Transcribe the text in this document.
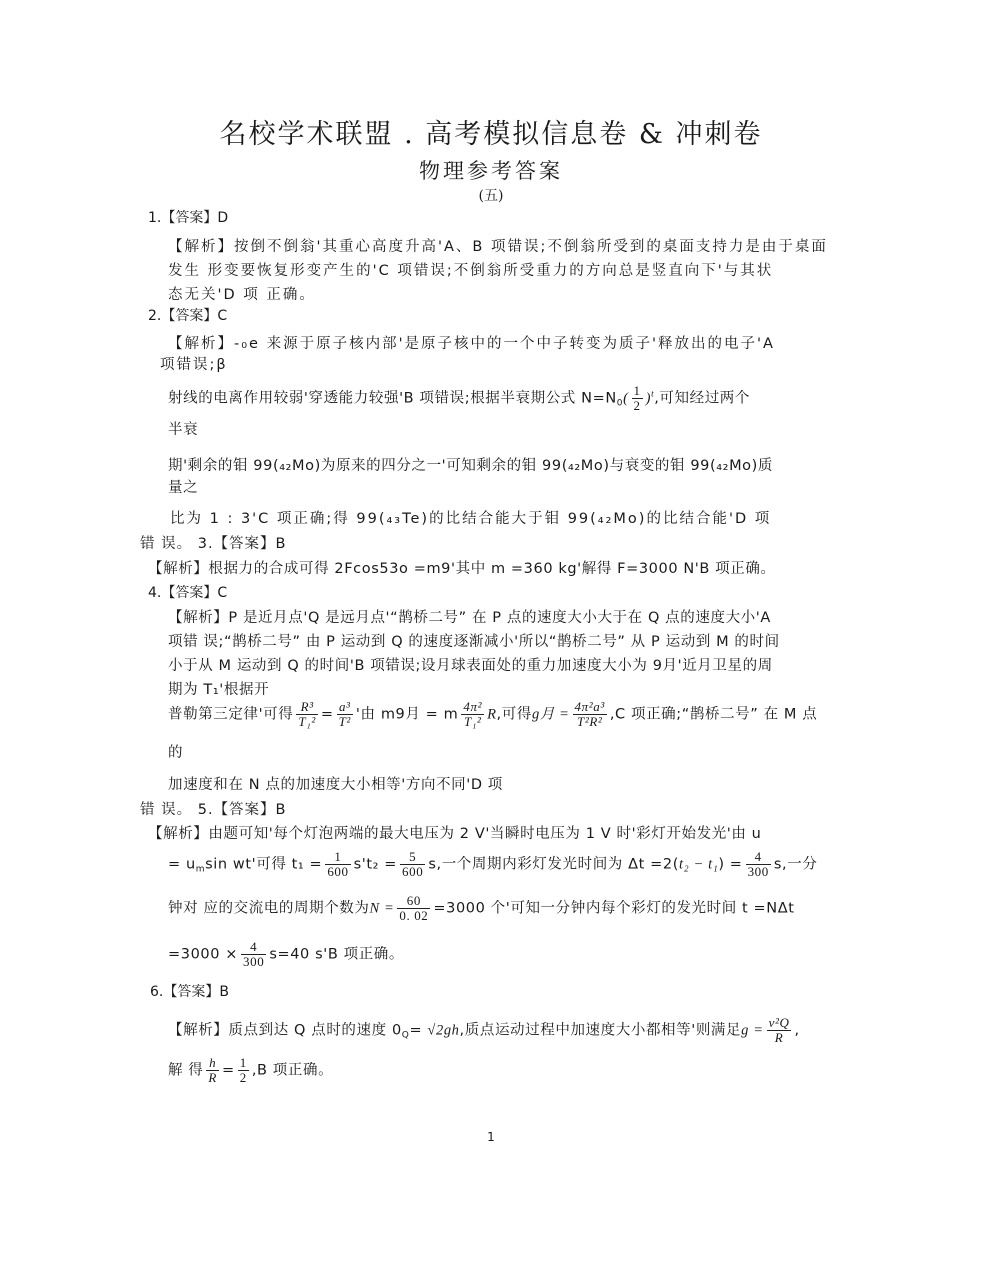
名校学术联盟 . 高考模拟信息卷 & 冲刺卷
物理参考答案
(五)
1.【答案】D
【解析】按倒不倒翁'其重心高度升高'A、B 项错误;不倒翁所受到的桌面支持力是由于桌面
发生 形变要恢复形变产生的'C 项错误;不倒翁所受重力的方向总是竖直向下'与其状
态无关'D 项 正确。
2.【答案】C
【解析】-₀e 来源于原子核内部'是原子核中的一个中子转变为质子'释放出的电子'A
项错误;β
射线的电离作用较弱'穿透能力较强'B 项错误;根据半衰期公式 $N=N_0( \frac{1}{2} )^t$,可知经过两个
半衰
期'剩余的钼 99(₄₂Mo)为原来的四分之一'可知剩余的钼 99(₄₂Mo)与衰变的钼 99(₄₂Mo)质
量之
比为 1 : 3'C 项正确;得 99(₄₃Te)的比结合能大于钼 99(₄₂Mo)的比结合能'D 项
错 误。 3.【答案】B
【解析】根据力的合成可得 2Fcos53o =m9'其中 m =360 kg'解得 F=3000 N'B 项正确。
4.【答案】C
【解析】P 是近月点'Q 是远月点'“鹊桥二号” 在 P 点的速度大小大于在 Q 点的速度大小'A
项错 误;“鹊桥二号” 由 P 运动到 Q 的速度逐渐减小'所以“鹊桥二号” 从 P 运动到 M 的时间
小于从 M 运动到 Q 的时间'B 项错误;设月球表面处的重力加速度大小为 9月'近月卫星的周
期为 T₁'根据开
普勒第三定律'可得 $\frac{\text{R³}}{\text{T₁²}} = \frac{\text{a³}}{\text{T²}}$ '由 m9月 = m $\frac{\text{4π²}}{\text{T₁²}} R$,可得g月 = $\frac{\text{4π²a³}}{\text{T²R²}} ,C$ 项正确;“鹊桥二号” 在 M 点
的
加速度和在 N 点的加速度大小相等'方向不同'D 项
错 误。 5.【答案】B
【解析】由题可知'每个灯泡两端的最大电压为 2 V'当瞬时电压为 1 V 时'彩灯开始发光'由 u
= $u_m\sin$ wt'可得 $t_1 = \frac{1}{600} s't_2 = \frac{5}{600} s$,一个周期内彩灯发光时间为 $\Delta t =2(t_2 - t_1) = \frac{4}{300} s$,一分
钟对 应的交流电的周期个数为$N = \frac{60}{0. 02} =3000$ 个'可知一分钟内每个彩灯的发光时间 t =NΔt
$=3000 \times \frac{4}{300} s=40$ s'B 项正确。
6.【答案】B
【解析】质点到达 Q 点时的速度 $0_Q= √2gh$,质点运动过程中加速度大小都相等'则满足$g = \frac{\text{v²Q}}{R}$ ,
解 得 $\frac{h}{R} = \frac{1}{2} ,B$ 项正确。
1
